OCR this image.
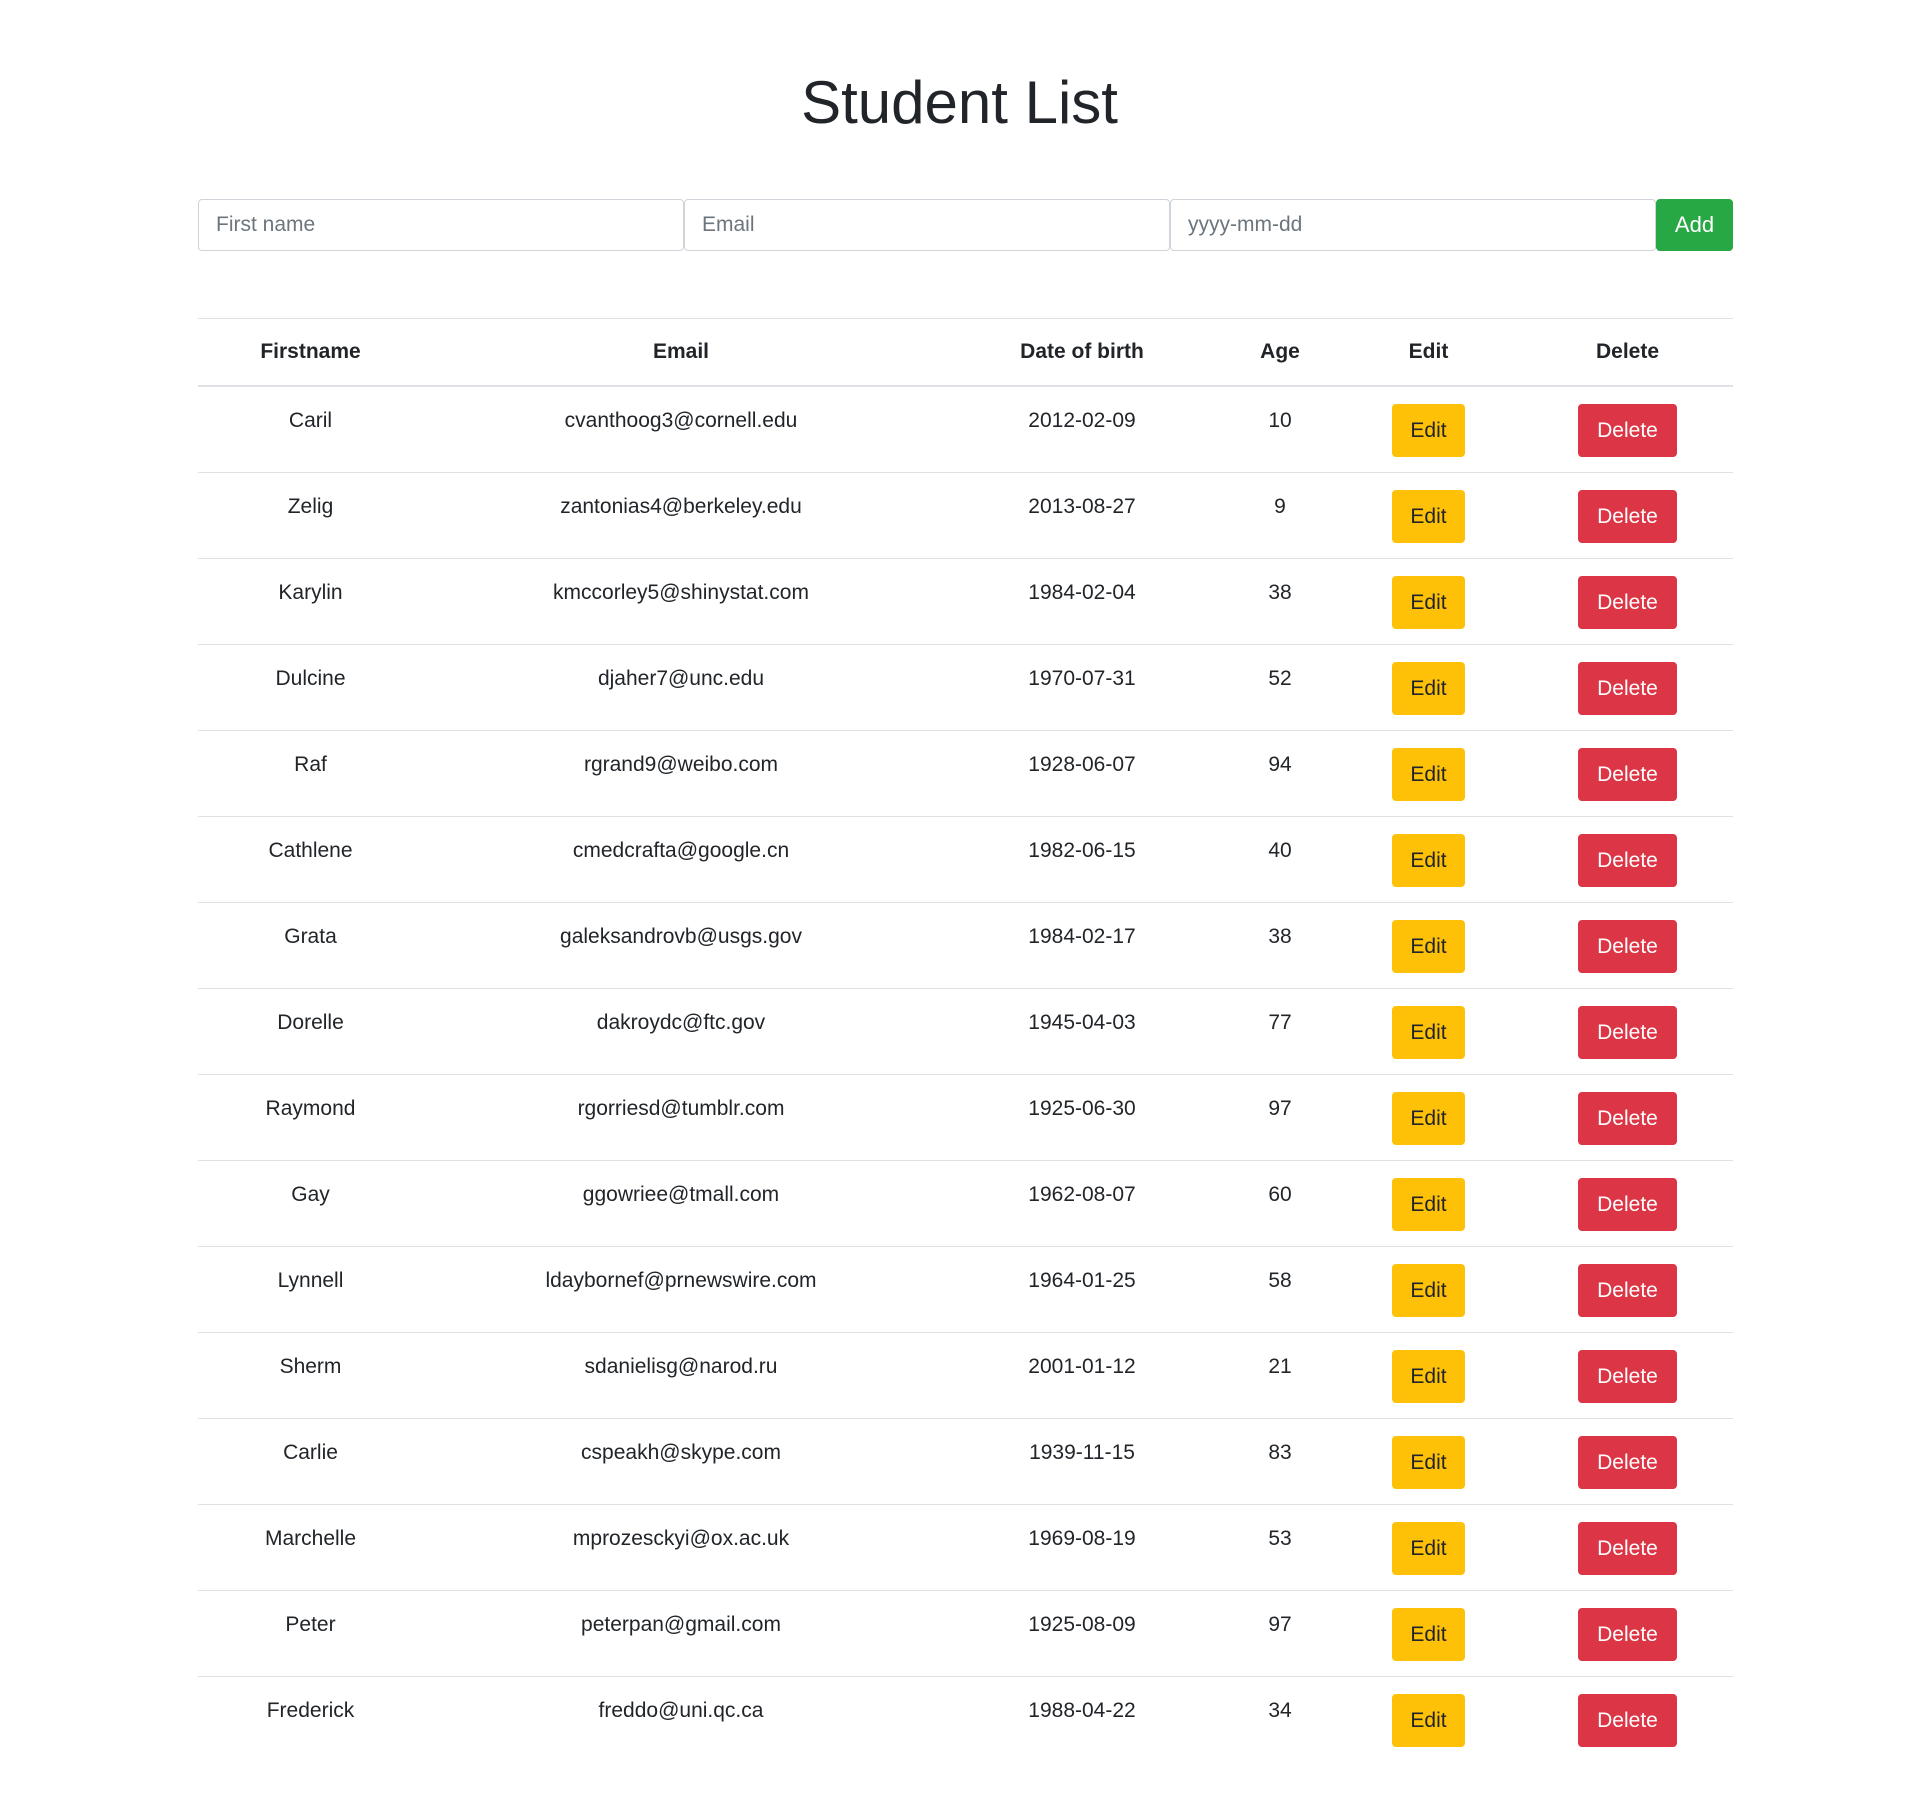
Student List
First name
Email
yyyy-mm-dd
Add
Firstname	Email	Date of birth	Age	Edit	Delete
Caril	cvanthoog3@cornell.edu	2012-02-09	10	Edit	Delete
Zelig	zantonias4@berkeley.edu	2013-08-27	9	Edit	Delete
Karylin	kmccorley5@shinystat.com	1984-02-04	38	Edit	Delete
Dulcine	djaher7@unc.edu	1970-07-31	52	Edit	Delete
Raf	rgrand9@weibo.com	1928-06-07	94	Edit	Delete
Cathlene	cmedcrafta@google.cn	1982-06-15	40	Edit	Delete
Grata	galeksandrovb@usgs.gov	1984-02-17	38	Edit	Delete
Dorelle	dakroydc@ftc.gov	1945-04-03	77	Edit	Delete
Raymond	rgorriesd@tumblr.com	1925-06-30	97	Edit	Delete
Gay	ggowriee@tmall.com	1962-08-07	60	Edit	Delete
Lynnell	ldaybornef@prnewswire.com	1964-01-25	58	Edit	Delete
Sherm	sdanielisg@narod.ru	2001-01-12	21	Edit	Delete
Carlie	cspeakh@skype.com	1939-11-15	83	Edit	Delete
Marchelle	mprozesckyi@ox.ac.uk	1969-08-19	53	Edit	Delete
Peter	peterpan@gmail.com	1925-08-09	97	Edit	Delete
Frederick	freddo@uni.qc.ca	1988-04-22	34	Edit	Delete
